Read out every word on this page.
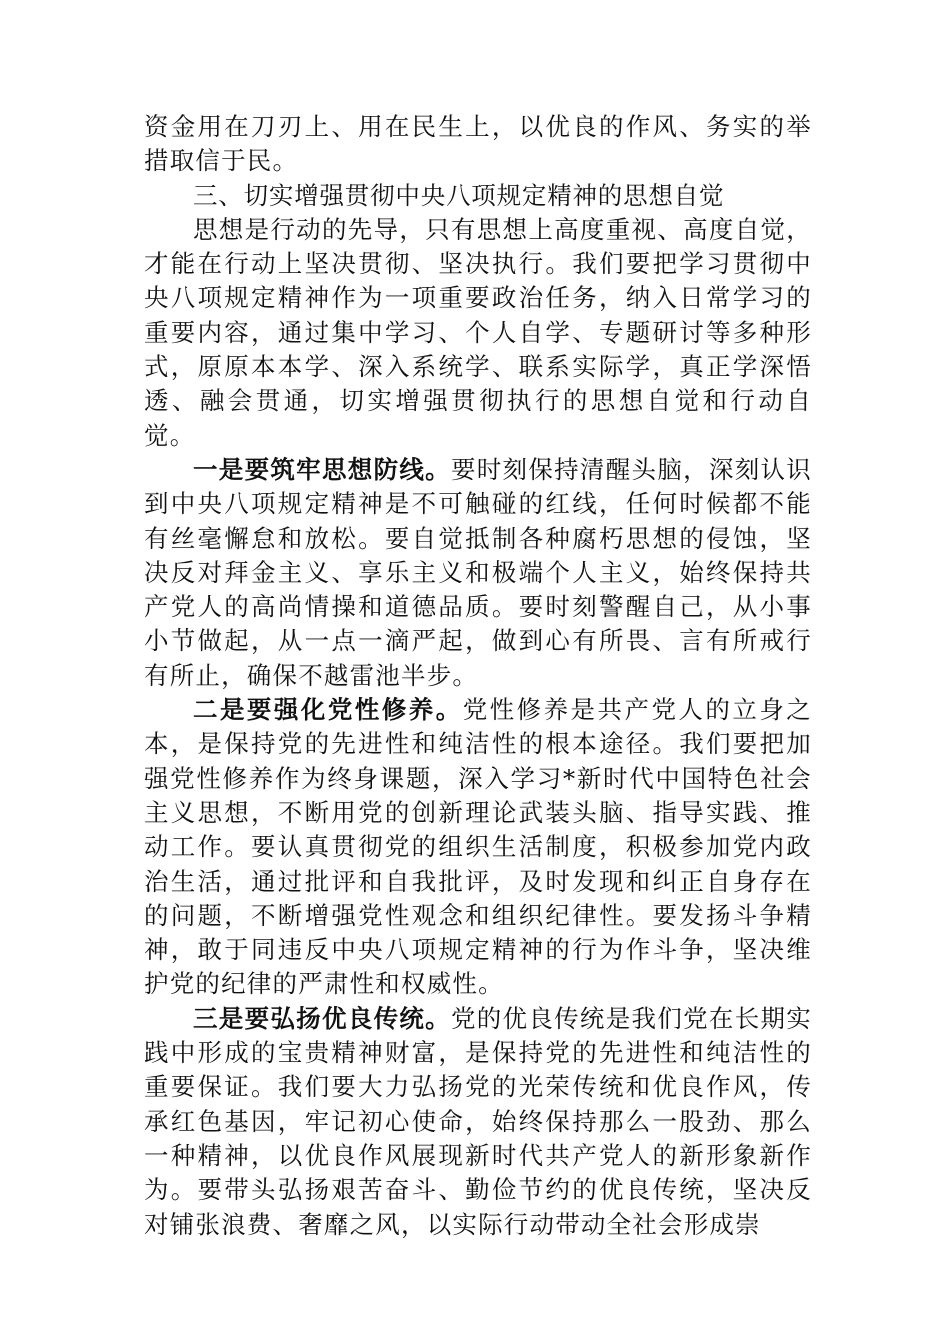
资金用在刀刃上、用在民生上，以优良的作风、务实的举措取信于民。

三、切实增强贯彻中央八项规定精神的思想自觉

思想是行动的先导，只有思想上高度重视、高度自觉，才能在行动上坚决贯彻、坚决执行。我们要把学习贯彻中央八项规定精神作为一项重要政治任务，纳入日常学习的重要内容，通过集中学习、个人自学、专题研讨等多种形式，原原本本学、深入系统学、联系实际学，真正学深悟透、融会贯通，切实增强贯彻执行的思想自觉和行动自觉。

一是要筑牢思想防线。要时刻保持清醒头脑，深刻认识到中央八项规定精神是不可触碰的红线，任何时候都不能有丝毫懈怠和放松。要自觉抵制各种腐朽思想的侵蚀，坚决反对拜金主义、享乐主义和极端个人主义，始终保持共产党人的高尚情操和道德品质。要时刻警醒自己，从小事小节做起，从一点一滴严起，做到心有所畏、言有所戒行有所止，确保不越雷池半步。

二是要强化党性修养。党性修养是共产党人的立身之本，是保持党的先进性和纯洁性的根本途径。我们要把加强党性修养作为终身课题，深入学习*新时代中国特色社会主义思想，不断用党的创新理论武装头脑、指导实践、推动工作。要认真贯彻党的组织生活制度，积极参加党内政治生活，通过批评和自我批评，及时发现和纠正自身存在的问题，不断增强党性观念和组织纪律性。要发扬斗争精神，敢于同违反中央八项规定精神的行为作斗争，坚决维护党的纪律的严肃性和权威性。

三是要弘扬优良传统。党的优良传统是我们党在长期实践中形成的宝贵精神财富，是保持党的先进性和纯洁性的重要保证。我们要大力弘扬党的光荣传统和优良作风，传承红色基因，牢记初心使命，始终保持那么一股劲、那么一种精神，以优良作风展现新时代共产党人的新形象新作为。要带头弘扬艰苦奋斗、勤俭节约的优良传统，坚决反对铺张浪费、奢靡之风，以实际行动带动全社会形成崇
